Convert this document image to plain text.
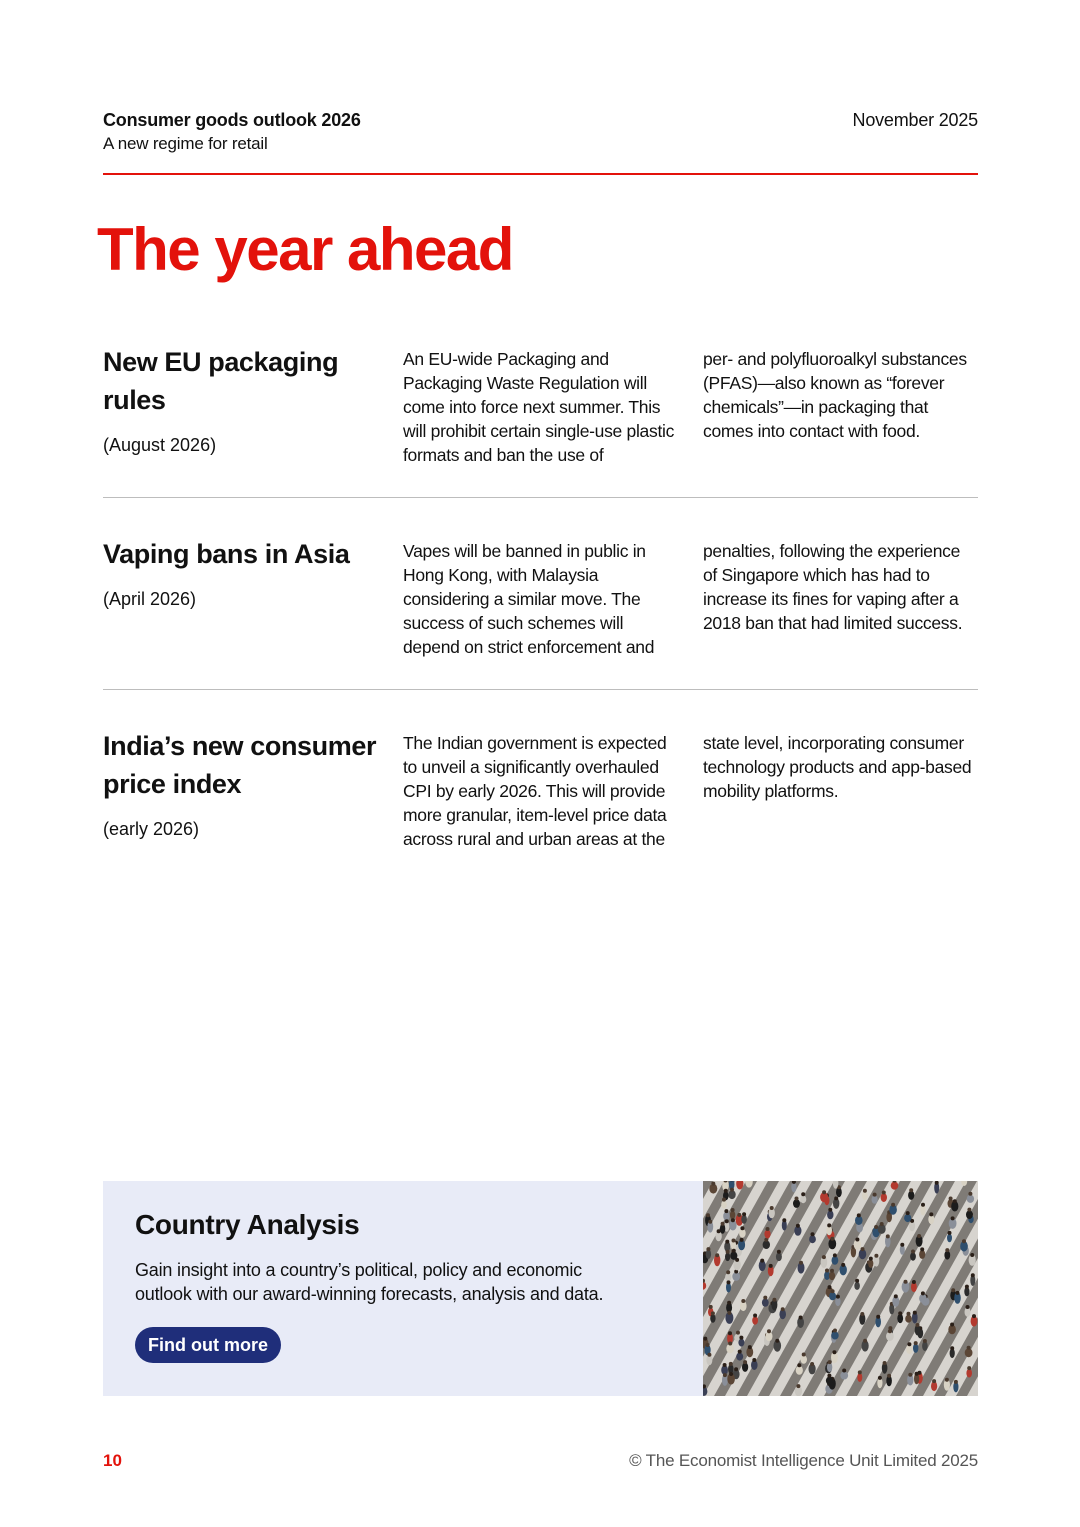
Consumer goods outlook 2026
A new regime for retail
November 2025
The year ahead
New EU packaging rules
(August 2026)
An EU-wide Packaging and Packaging Waste Regulation will come into force next summer. This will prohibit certain single-use plastic formats and ban the use of
per- and polyfluoroalkyl substances (PFAS)—also known as “forever chemicals”—in packaging that comes into contact with food.
Vaping bans in Asia
(April 2026)
Vapes will be banned in public in Hong Kong, with Malaysia considering a similar move. The success of such schemes will depend on strict enforcement and
penalties, following the experience of Singapore which has had to increase its fines for vaping after a 2018 ban that had limited success.
India’s new consumer price index
(early 2026)
The Indian government is expected to unveil a significantly overhauled CPI by early 2026. This will provide more granular, item-level price data across rural and urban areas at the
state level, incorporating consumer technology products and app-based mobility platforms.
Country Analysis
Gain insight into a country’s political, policy and economic outlook with our award-winning forecasts, analysis and data.
Find out more
10	© The Economist Intelligence Unit Limited 2025
